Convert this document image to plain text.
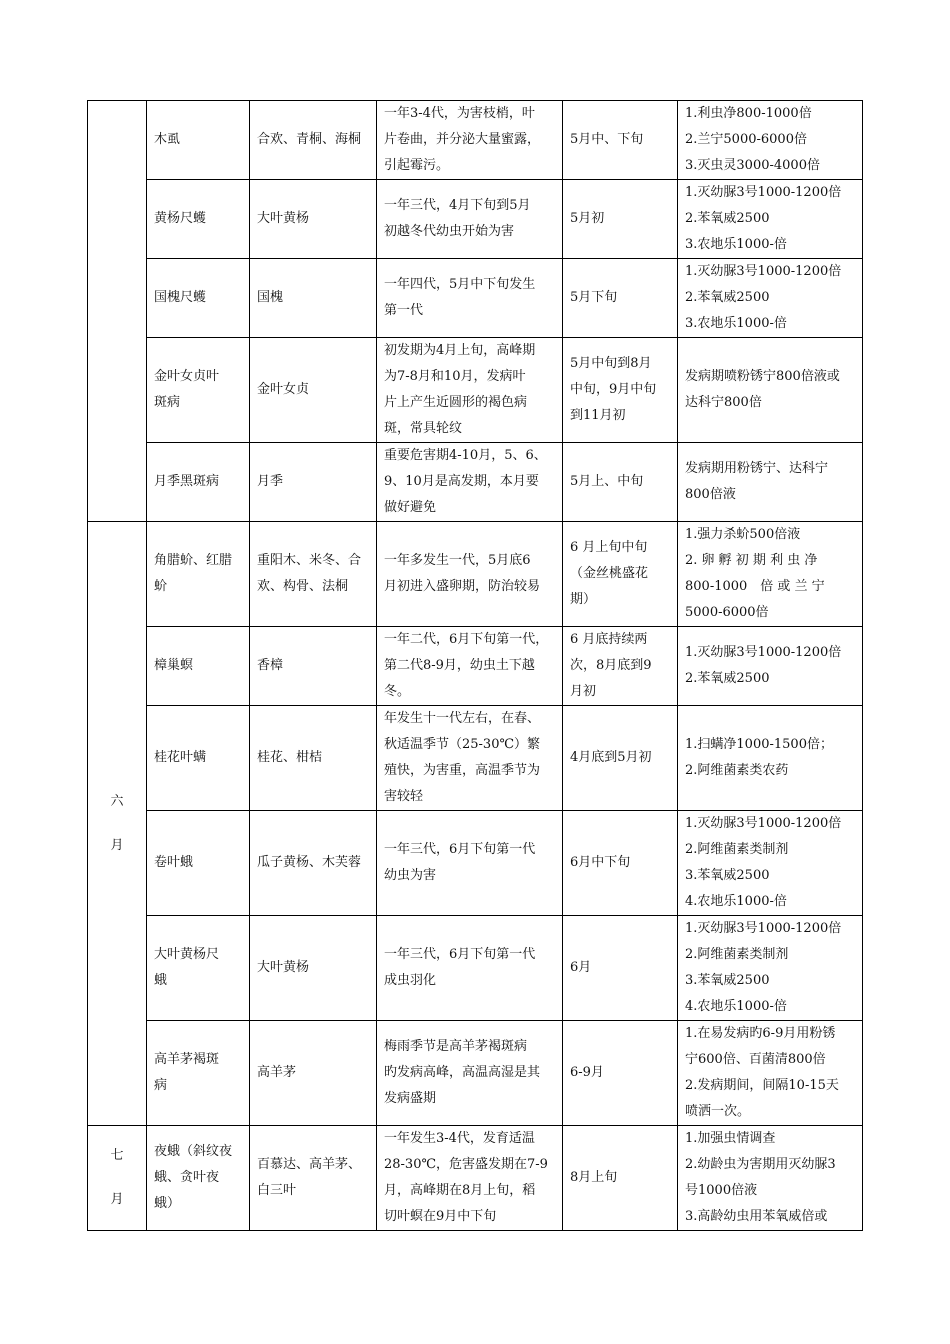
	木虱	合欢、青桐、海桐	一年3-4代，为害枝梢，叶
片卷曲，并分泌大量蜜露，
引起霉污。	5月中、下旬	1.利虫净800-1000倍
2.兰宁5000-6000倍
3.灭虫灵3000-4000倍

	黄杨尺蠖	大叶黄杨	一年三代，4月下旬到5月
初越冬代幼虫开始为害	5月初	1.灭幼脲3号1000-1200倍
2.苯氧威2500
3.农地乐1000-倍

	国槐尺蠖	国槐	一年四代，5月中下旬发生
第一代	5月下旬	1.灭幼脲3号1000-1200倍
2.苯氧威2500
3.农地乐1000-倍

	金叶女贞叶
斑病	金叶女贞	初发期为4月上旬，高峰期
为7-8月和10月，发病叶
片上产生近圆形的褐色病
斑，常具轮纹	5月中旬到8月
中旬，9月中旬
到11月初	发病期喷粉锈宁800倍液或
达科宁800倍

	月季黑斑病	月季	重要危害期4-10月，5、6、
9、10月是高发期，本月要
做好避免	5月上、中旬	发病期用粉锈宁、达科宁
800倍液

六
月	角腊蚧、红腊
蚧	重阳木、米冬、合
欢、构骨、法桐	一年多发生一代，5月底6
月初进入盛卵期，防治较易	6 月上旬中旬
（金丝桃盛花
期）	1.强力杀蚧500倍液
2. 卵 孵 初 期 利 虫 净
800-1000　倍 或 兰 宁
5000-6000倍

	樟巢螟	香樟	一年二代，6月下旬第一代，
第二代8-9月，幼虫土下越
冬。	6 月底持续两
次，8月底到9
月初	1.灭幼脲3号1000-1200倍
2.苯氧威2500

	桂花叶螨	桂花、柑桔	年发生十一代左右，在春、
秋适温季节（25-30℃）繁
殖快，为害重，高温季节为
害较轻	4月底到5月初	1.扫螨净1000-1500倍；
2.阿维菌素类农药

	卷叶蛾	瓜子黄杨、木芙蓉	一年三代，6月下旬第一代
幼虫为害	6月中下旬	1.灭幼脲3号1000-1200倍
2.阿维菌素类制剂
3.苯氧威2500
4.农地乐1000-倍

	大叶黄杨尺
蛾	大叶黄杨	一年三代，6月下旬第一代
成虫羽化	6月	1.灭幼脲3号1000-1200倍
2.阿维菌素类制剂
3.苯氧威2500
4.农地乐1000-倍

	高羊茅褐斑
病	高羊茅	梅雨季节是高羊茅褐斑病
旳发病高峰，高温高湿是其
发病盛期	6-9月	1.在易发病旳6-9月用粉锈
宁600倍、百菌清800倍
2.发病期间，间隔10-15天
喷洒一次。

七
月	夜蛾（斜纹夜
蛾、贪叶夜
蛾）	百慕达、高羊茅、
白三叶	一年发生3-4代，发育适温
28-30℃，危害盛发期在7-9
月，高峰期在8月上旬，稻
切叶螟在9月中下旬	8月上旬	1.加强虫情调查
2.幼龄虫为害期用灭幼脲3
号1000倍液
3.高龄幼虫用苯氧威倍或
